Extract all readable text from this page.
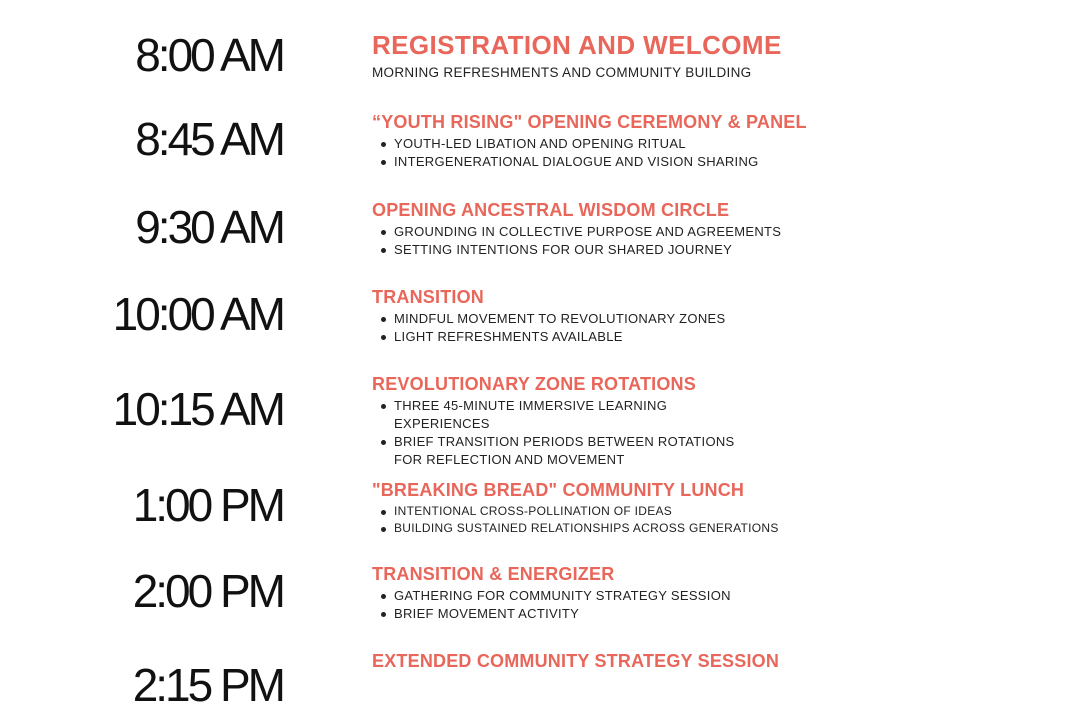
8:00 AM	REGISTRATION AND WELCOME
MORNING REFRESHMENTS AND COMMUNITY BUILDING
8:45 AM	“YOUTH RISING" OPENING CEREMONY & PANEL
YOUTH-LED LIBATION AND OPENING RITUAL
INTERGENERATIONAL DIALOGUE AND VISION SHARING
9:30 AM	OPENING ANCESTRAL WISDOM CIRCLE
GROUNDING IN COLLECTIVE PURPOSE AND AGREEMENTS
SETTING INTENTIONS FOR OUR SHARED JOURNEY
10:00 AM	TRANSITION
MINDFUL MOVEMENT TO REVOLUTIONARY ZONES
LIGHT REFRESHMENTS AVAILABLE
10:15 AM	REVOLUTIONARY ZONE ROTATIONS
THREE 45-MINUTE IMMERSIVE LEARNING EXPERIENCES
BRIEF TRANSITION PERIODS BETWEEN ROTATIONS FOR REFLECTION AND MOVEMENT
1:00 PM	"BREAKING BREAD" COMMUNITY LUNCH
INTENTIONAL CROSS-POLLINATION OF IDEAS
BUILDING SUSTAINED RELATIONSHIPS ACROSS GENERATIONS
2:00 PM	TRANSITION & ENERGIZER
GATHERING FOR COMMUNITY STRATEGY SESSION
BRIEF MOVEMENT ACTIVITY
2:15 PM	EXTENDED COMMUNITY STRATEGY SESSION
